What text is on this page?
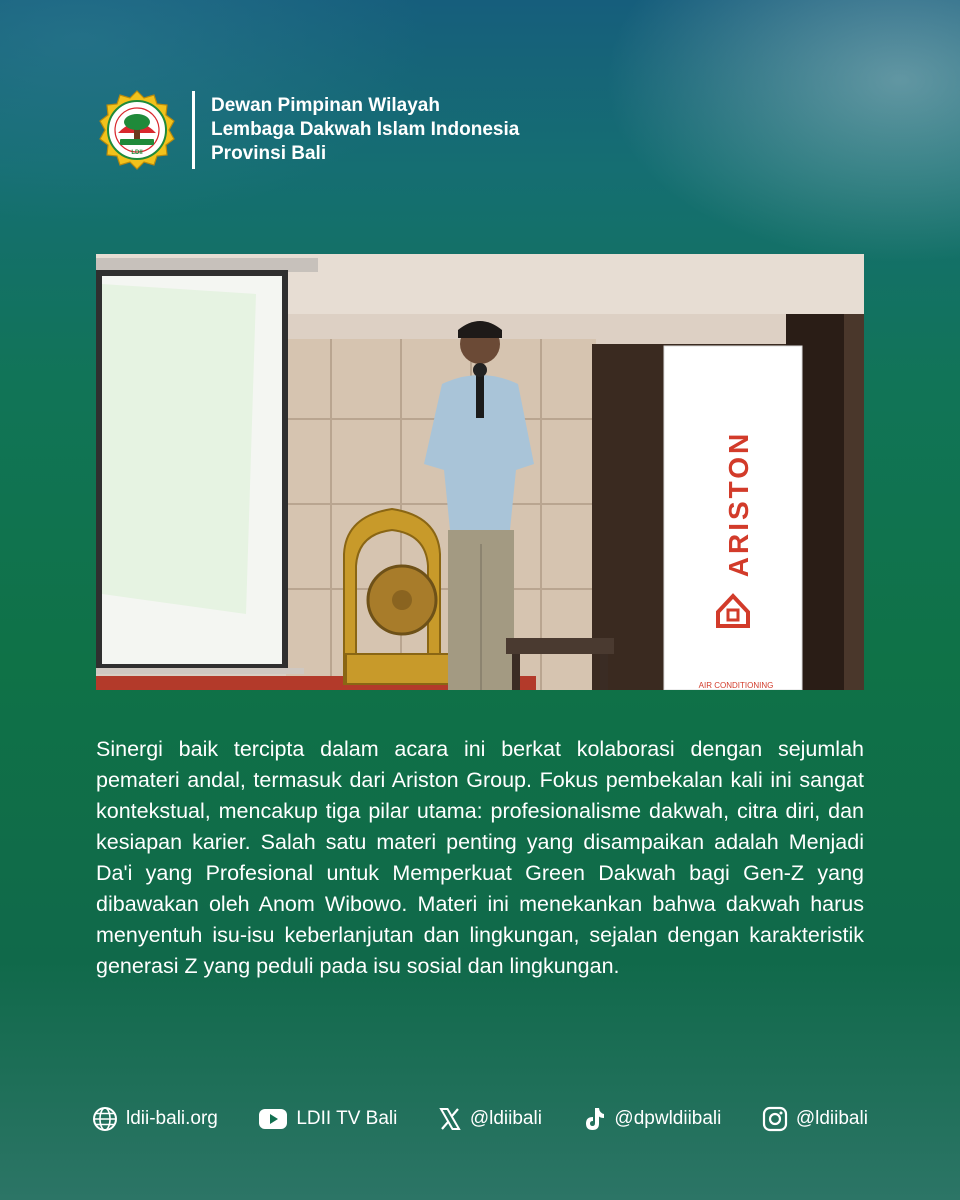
LDII
Dewan Pimpinan Wilayah
Lembaga Dakwah Islam Indonesia
Provinsi Bali
ARISTON
AIR CONDITIONING
Sinergi baik tercipta dalam acara ini berkat kolaborasi dengan sejumlah pemateri andal, termasuk dari Ariston Group. Fokus pembekalan kali ini sangat kontekstual, mencakup tiga pilar utama: profesionalisme dakwah, citra diri, dan kesiapan karier. Salah satu materi penting yang disampaikan adalah Menjadi Da'i yang Profesional untuk Memperkuat Green Dakwah bagi Gen-Z yang dibawakan oleh Anom Wibowo. Materi ini menekankan bahwa dakwah harus menyentuh isu-isu keberlanjutan dan lingkungan, sejalan dengan karakteristik generasi Z yang peduli pada isu sosial dan lingkungan.
ldii-bali.org	LDII TV Bali	@ldiibali	@dpwldiibali	@ldiibali
